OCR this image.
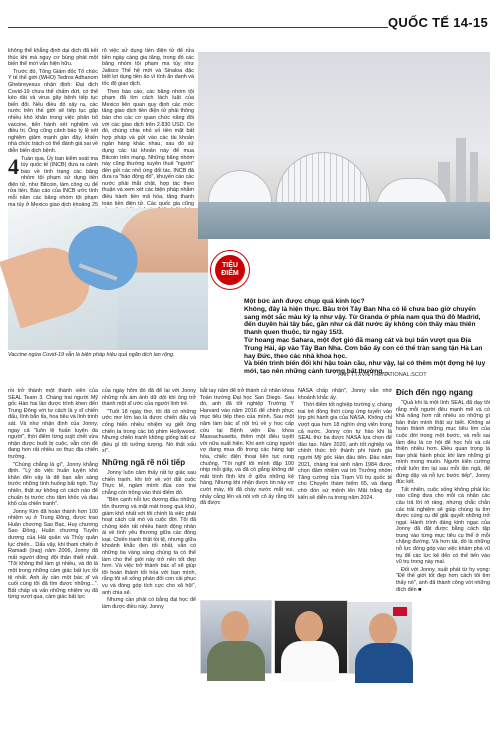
QUỐC TẾ 14-15

không thể khẳng định dại dịch đã kết thúc khi mà nguy cơ bùng phát một biến thể mới vẫn hiện hữu.

Trước đó, Tổng Giám đốc Tổ chức Y tế thế giới (WHO) Tedros Adhanom Ghebreyesus nhận định: Đại dịch Covid-19 chưa thể chấm dứt, có thể kéo dài và virus gây bệnh tiếp tục biến đổi. Nếu điều đó xảy ra, các nước trên thế giới sẽ tiếp tục gặp nhiều khó khăn trong việc phân bổ vaccine, tiến hành xét nghiệm và điều trị. Ông cũng cảnh báo tỷ lệ xét nghiệm giảm mạnh gần đây, khiến nhà chức trách có thể đánh giá sai về diễn biến dịch bệnh.

4 Tuần qua, Ủy ban kiểm soát ma túy quốc tế (INCB) đưa ra cảnh báo về tình trạng các băng nhóm tội phạm sử dụng tiền điện tử, như Bitcoin, làm công cụ để rửa tiền. Báo cáo của INCB ước tính mỗi năm các băng nhóm tội phạm ma túy ở Mexico giao dịch khoảng 25

rõ việc sử dụng tiền điện tử để rửa tiền ngày càng gia tăng, trong đó các băng nhóm tội phạm ma túy như Jalisco Thế hệ mới và Sinaloa đặc biệt lợi dụng tiền ảo vì tính ẩn danh và tốc độ giao dịch.

Theo báo cáo, các băng nhóm tội phạm đã tìm cách lách luật của Mexico liên quan quy định các mức tăng giao dịch tiền điện tử phải thông báo cho các cơ quan chức năng đối với các giao dịch trên 2.830 USD. Do đó, chúng chia nhỏ số tiền mặt bất hợp pháp và gửi vào các tài khoản ngân hàng khác nhau, sau đó sử dụng các tài khoản này để mua Bitcoin trên mạng. Những băng nhóm này cũng thường xuyên thuê "người" đến gửi các nhỏ ứng đối tác. INCB đã đưa ra "báo động đỏ", khuyến cáo các nước phải thắt chặt, hợp tác theo thuận và xem xét các biện pháp nhằm điều hành tiền mã hóa, tăng thanh toán tiền điện tử. Các quốc gia cũng

Vaccine ngừa Covid-19 vẫn là biện pháp hiệu quả ngăn dịch lan rộng.
TIÊU
ĐIỂM

Một bức ảnh được chụp quá kinh lọc?

Không, đây là hiện thực. Bầu trời Tây Ban Nha có lẽ chưa bao giờ chuyển sang một sắc màu kỳ lạ như vậy. Từ Granda ở phía nam qua thủ đô Madrid, đến duyên hải tây bắc, gần như cả đất nước ấy không còn thấy màu thiên thanh quen thuộc, từ ngày 15/3.

Từ hoang mạc Sahara, một đợt gió đã mang cát và bụi bẩn vượt qua Địa Trung Hải, áp vào Tây Ban Nha. Cơn bão ấy con có thể tràn sang tận Hà Lan hay Đức, theo các nhà khoa học.

Và biến trình biến đổi khí hậu toàn cầu, như vậy, lại có thêm một đợng hệ lụy mới, tạo nên những cảnh tượng bất thường...

Ảnh: TTXVN/THENATIONAL.SCOT

rồi trở thành một thành viên của SEAL Team 3. Chàng trai người Mỹ gốc Hàn hai lần được trình khen đến Trung Đông với tư cách là y sĩ chiến đấu, lính bắn tỉa, hoa tiêu và lính trinh sát. Và như nhận định của Jonny, ngay cả "luôn lệ huấn luyện đa người", thời điểm từng suýt chết vừa nhận được buổi bị cuộc, vẫn còn đề đang hon rất nhiều so thục địa chiến trường.

"Chúng chẳng là gì", Jonny khẳng định. "Lý do việc huấn luyện khó khăn đến vậy là để bạn sẵn sàng trước những tình huống bất ngờ. Tuy nhiên, thật sự không có cách nào để chuẩn bị trước cho tâm khốc và đau khổ của chiến tranh".

Jonny Kim đã hoàn thành hơn 100 nhiệm vụ ở Trung Đông, được trao Huân chương Sao Bạc, Huy chương Sao Đồng, Huân chương Tuyên dương của Hải quân và Thủy quân lục chiến... Dấu vậy, khi tham chiến ở Ramadi (Iraq) năm 2006, Jonny đã mất người đồng đội thân thiết nhất. "Tôi không thể làm gì nhiều, và đó là một trong những cảm giác bất lực tồi tệ nhất. Anh ấy cần một bác sĩ và cuối cùng tôi đã tìm được những...". Bất chấp và vấn những nhiệm vụ đã từng vượt qua, cảm giác bất lực

của ngày hôm đó đã để lại với Jonny những nỗi ám ảnh dữ dội khi ông trở thành một sĩ ước của người lính trẻ.

"Tuổi 18 ngày thơ, tôi đã có những ước mơ lớn lao là được chiến đấu và cống hiến nhiều nhiệm vụ giết ông chiến ta trong các bộ phim Hollywood. Nhưng chiến tranh không giống bất cứ điều gì tôi tưởng tượng. Nó thật xấu xí".

Những ngã rẽ nối tiếp

Jonny luôn cảm thấy rất tự giác sau chiến tranh, khi trở về với đất cuộc Thực tế, ngàm mình đùa con trai chẳng còn trông vào thói điểm đó.

"Bên cạnh nỗi lực đương đầu những tổn thương và mặt mát trong quá khứ, giám khổ nhất với tôi chính là việc phải hoạt cách cái mó và cuộc đời. Tôi đã chứng kiến rất nhiều hành động nhân ái về tình yêu thương giữa các đồng loại. Chiến tranh thật tồi tệ, nhưng giữa khoảnh khắc đen tối nhất, vẫn có những tia vàng sáng chúng ta có thể làm cho thế giới này trở nên tốt đẹp hơn. Và việc trở thành bác sĩ sẽ giúp tôi hoàn thành tốt hóa với bạn mình, rằng tôi sẽ sống phản đối con cái phục vụ và đóng góp tích cực cho xã hội", anh chia sẻ.

Nhưng cần phải có bằng đại học để làm được điều này. Jonny

bắt tay năm để trở thành cử nhân khoa Toán trường Đại học San Diego. Sau đó, anh đã tốt nghiệp Trường Y Harvard vào năm 2016 để chính phục mục tiêu tiếp theo của mình. Sau một năm làm bác sĩ nội trú về y học cấp cứu tại Bệnh viện Đa khoa Massachusetts, thêm một điều tuyệt vời nữa xuất hiện. Khi anh cùng người vợ đang mua đồ trong các hàng tạp hóa, chiếc điện thoại liên tục rung chuông. "Tôi nghĩ tôi mình đặp 100 nhịp mỗi giây, và đã có gắng không để mất bình tĩnh khi ở giữa những kệ hàng. Nhưng khi nhận được tin này vợ cười mày, tôi đã cháy nước mắt vui, nhảy cẫng lên và nói với cô ấy rằng tôi đã được

NASA chấp nhận", Jonny vẫn nhớ khoảnh khắc ấy.

Thời điểm tốt nghiệp trường y, chàng trai trẻ đồng thời cùng ứng tuyển vào lớp phi hành gia của NASA. Không chỉ vượt qua hơn 18 nghìn ứng viên trong cả nước, Jonny còn tự hào khi là SEAL thứ ba được NASA lựa chọn để đào tạo. Năm 2020, anh tốt nghiệp và chính thức trở thành phi hành gia người Mỹ gốc Hàn đầu tiên. Đầu năm 2021, chàng trai sinh năm 1984 được chọn đảm nhiệm vai trò Trưởng nhóm Tăng cường của Trạm Vũ trụ quốc tế cho Chuyến thám hiểm 65, và đang chờ đón sứ mệnh lên Mặt trăng dự kiến sẽ diễn ra trong năm 2024.

Đích đến ngọ ngang

"Quả khi là một lính SEAL đã dạy tôi rằng mỗi người đều mạnh mẽ và có khả năng hơn rất nhiều so những gì bản thân mình thật sự biết. Không ai hoàn thành những mục tiêu lớn của cuộc đời trong một bước, và mỗi sai lầm đều là cơ hội để học hỏi và cải thiện nhiều hơn. Điều quan trọng là bạn phải hành phúc khi làm những gì mình mong muốn. Người kiên cường nhất luôn tìm lại sau mỗi lần ngã, để đứng dậy và nỗ lực bước tiếp", Jonny đúc kết.

Tất nhiên, cuộc sống không phải lúc nào cũng đưa cho mỗi cá nhân các câu trả lời rõ ràng, nhưng chắc chắn các trải nghiệm sẽ giúp chúng ta tìm được cùng cụ để giải quyết những trở ngại. Hành trình đáng kinh ngạc của Jonny đã đặt được bằng cách tập trung vào từng mục tiêu cụ thể ở mỗi chặng đường. Và hơn tài, đó là những nỗ lực đóng góp vào việc khám phá vũ trụ để các lực kẻ đến có thể tiến vào vũ trụ trong này mai.

Đối với Jonny, xuất phát từ hy vọng: "Để thế giới tốt đẹp hơn cách tôi tìm thấy nó", anh đã thành công với những đích đến ■
